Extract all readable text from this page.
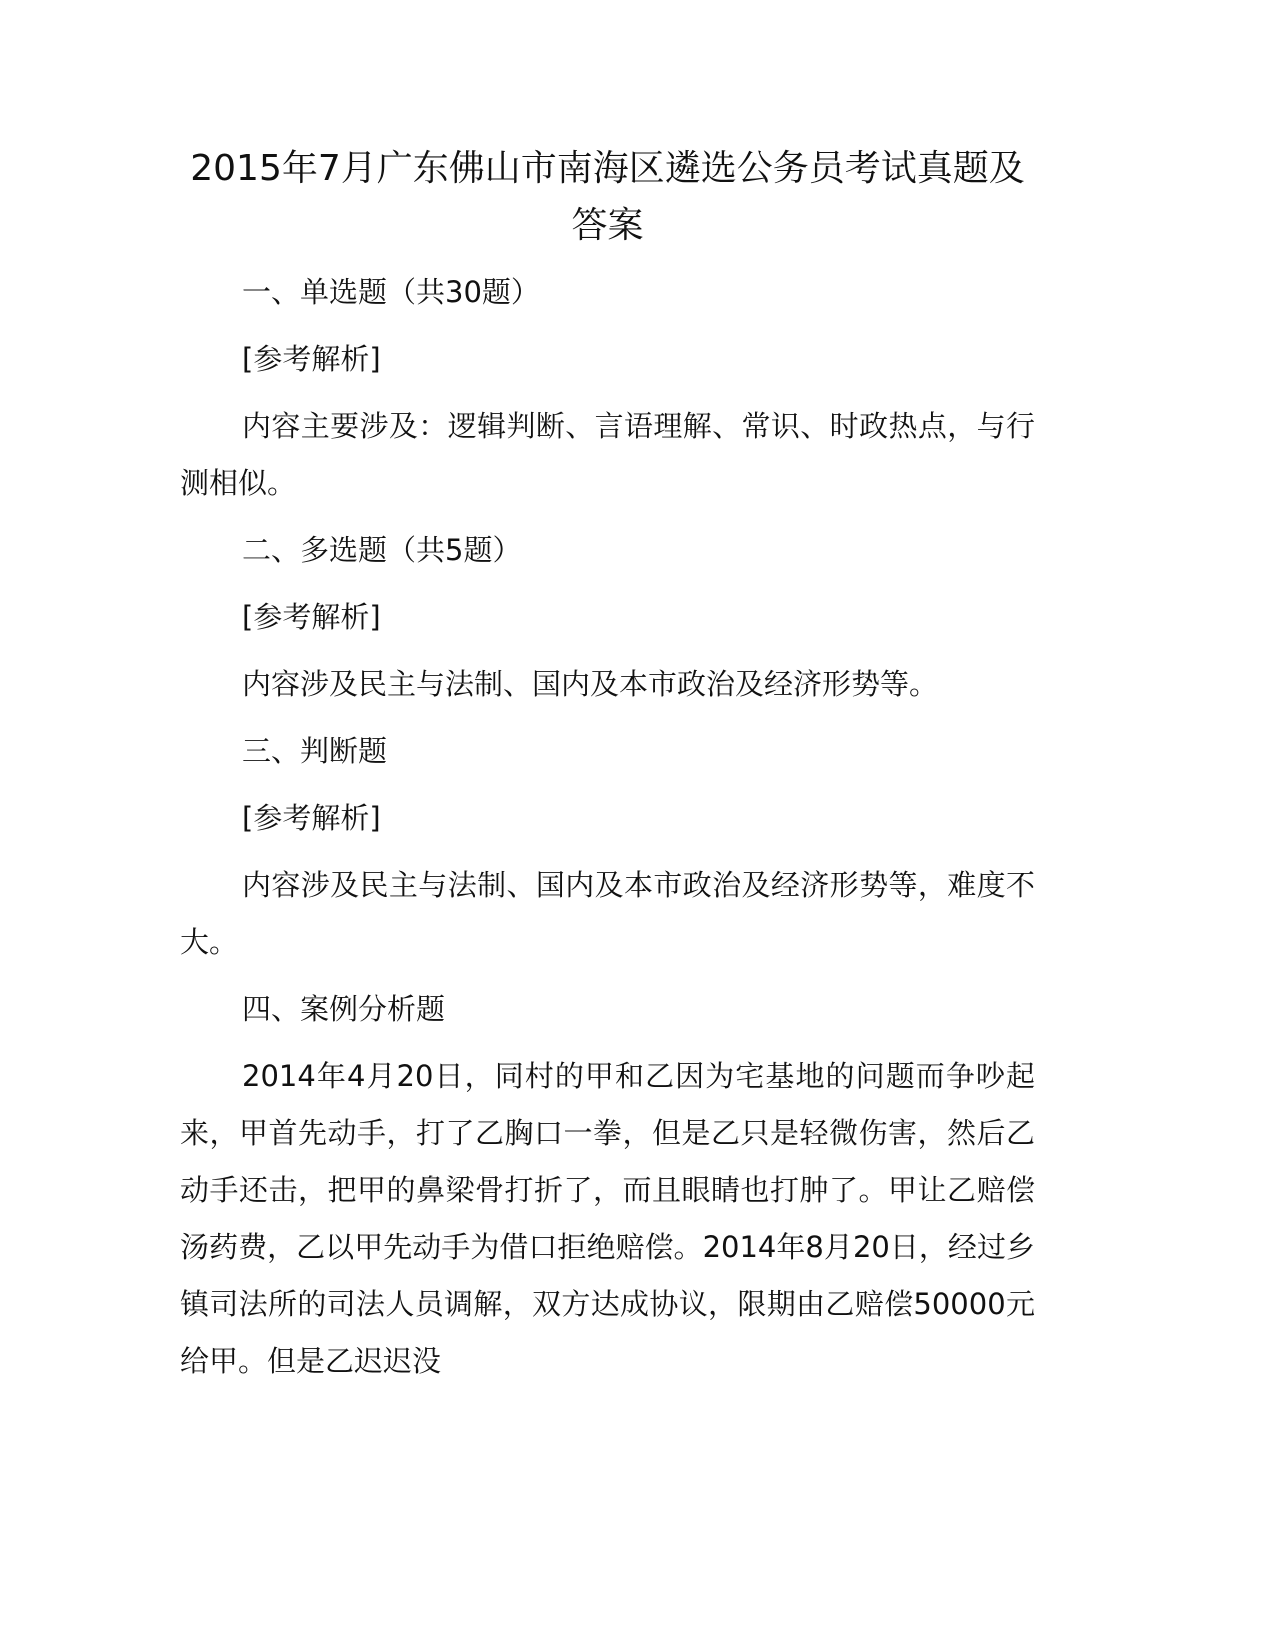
2015年7月广东佛山市南海区遴选公务员考试真题及答案

一、单选题（共30题）

[参考解析]

内容主要涉及：逻辑判断、言语理解、常识、时政热点，与行测相似。

二、多选题（共5题）

[参考解析]

内容涉及民主与法制、国内及本市政治及经济形势等。

三、判断题

[参考解析]

内容涉及民主与法制、国内及本市政治及经济形势等，难度不大。

四、案例分析题

2014年4月20日，同村的甲和乙因为宅基地的问题而争吵起来，甲首先动手，打了乙胸口一拳，但是乙只是轻微伤害，然后乙动手还击，把甲的鼻梁骨打折了，而且眼睛也打肿了。甲让乙赔偿汤药费，乙以甲先动手为借口拒绝赔偿。2014年8月20日，经过乡镇司法所的司法人员调解，双方达成协议，限期由乙赔偿50000元给甲。但是乙迟迟没
